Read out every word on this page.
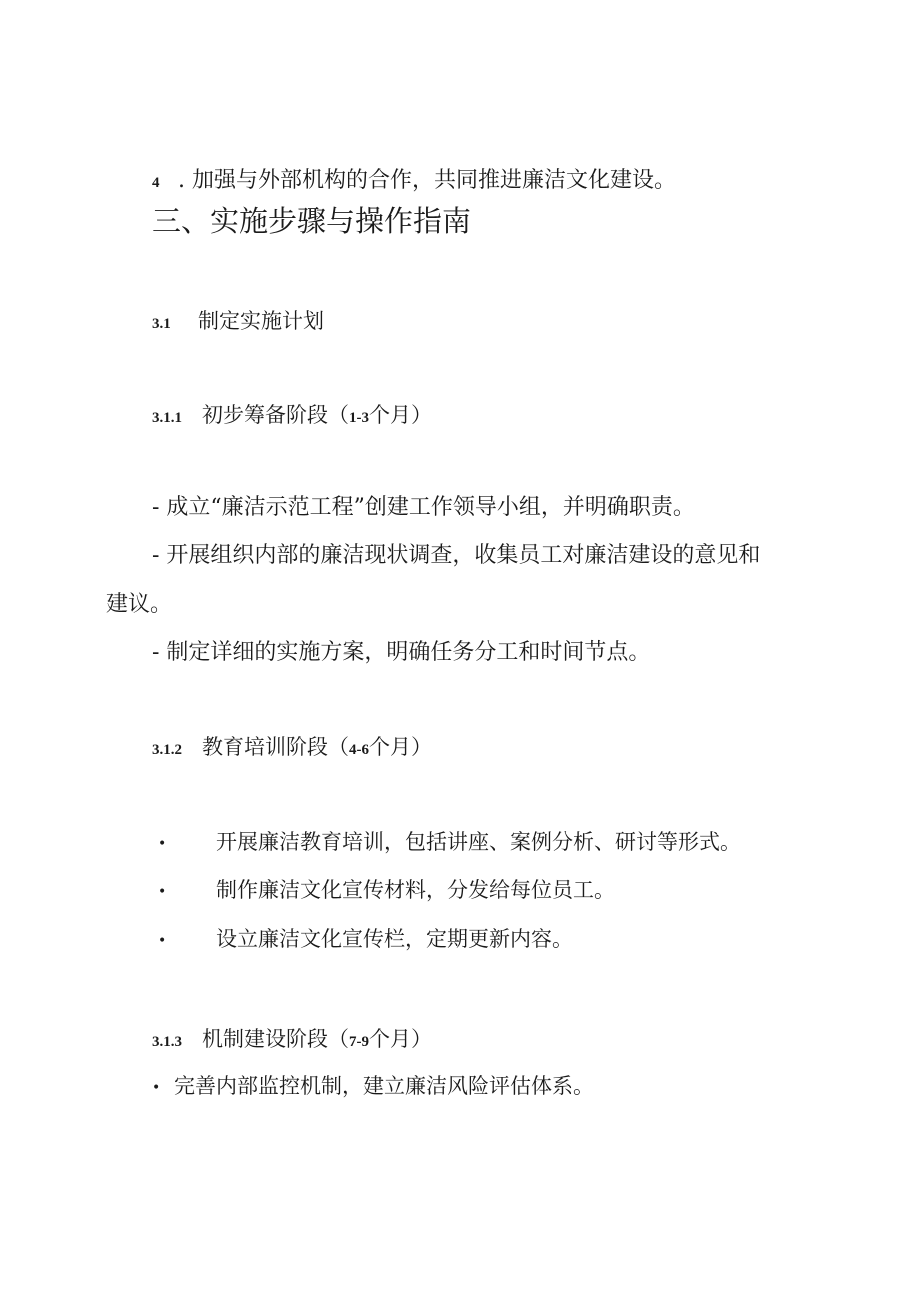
4 . 加强与外部机构的合作，共同推进廉洁文化建设。
三、实施步骤与操作指南
3.1 制定实施计划
3.1.1 初步筹备阶段（1-3个月）
- 成立“廉洁示范工程”创建工作领导小组，并明确职责。
- 开展组织内部的廉洁现状调查，收集员工对廉洁建设的意见和
建议。
- 制定详细的实施方案，明确任务分工和时间节点。
3.1.2 教育培训阶段（4-6个月）
• 开展廉洁教育培训，包括讲座、案例分析、研讨等形式。
• 制作廉洁文化宣传材料，分发给每位员工。
• 设立廉洁文化宣传栏，定期更新内容。
3.1.3 机制建设阶段（7-9个月）
• 完善内部监控机制，建立廉洁风险评估体系。
